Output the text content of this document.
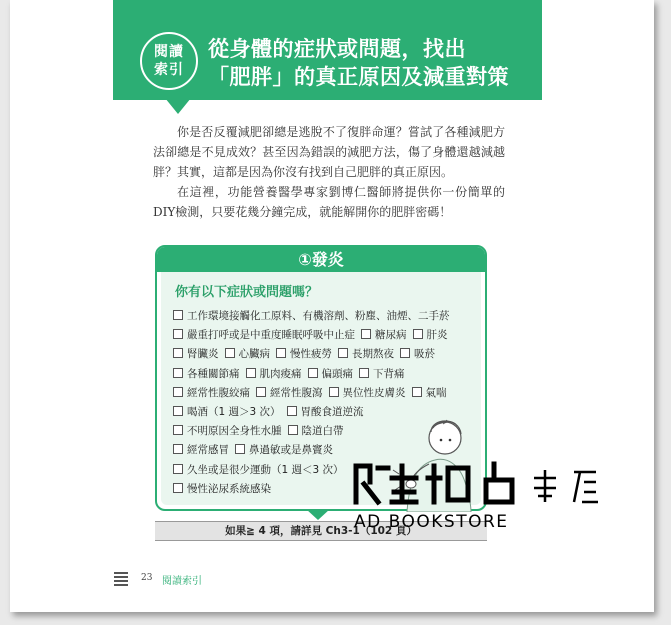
閱讀
索引
從身體的症狀或問題，找出
「肥胖」的真正原因及減重對策

你是否反覆減肥卻總是逃脫不了復胖命運？嘗試了各種減肥方法卻總是不見成效？甚至因為錯誤的減肥方法，傷了身體還越減越胖？其實，這都是因為你沒有找到自己肥胖的真正原因。

在這裡，功能營養醫學專家劉博仁醫師將提供你一份簡單的DIY檢測，只要花幾分鐘完成，就能解開你的肥胖密碼！

①發炎
你有以下症狀或問題嗎？
工作環境接觸化工原料、有機溶劑、粉塵、油煙、二手菸
嚴重打呼或是中重度睡眠呼吸中止症 糖尿病 肝炎
腎臟炎 心臟病 慢性疲勞 長期熬夜 吸菸
各種關節痛 肌肉痠痛 偏頭痛 下背痛
經常性腹絞痛 經常性腹瀉 異位性皮膚炎 氣喘
喝酒（1 週＞3 次） 胃酸食道逆流
不明原因全身性水腫 陰道白帶
經常感冒 鼻過敏或是鼻竇炎
久坐或是很少運動（1 週＜3 次）
慢性泌尿系統感染
如果≧ 4 項，請詳見 Ch3-1（102 頁）
23 閱讀索引
AD BOOKSTORE
